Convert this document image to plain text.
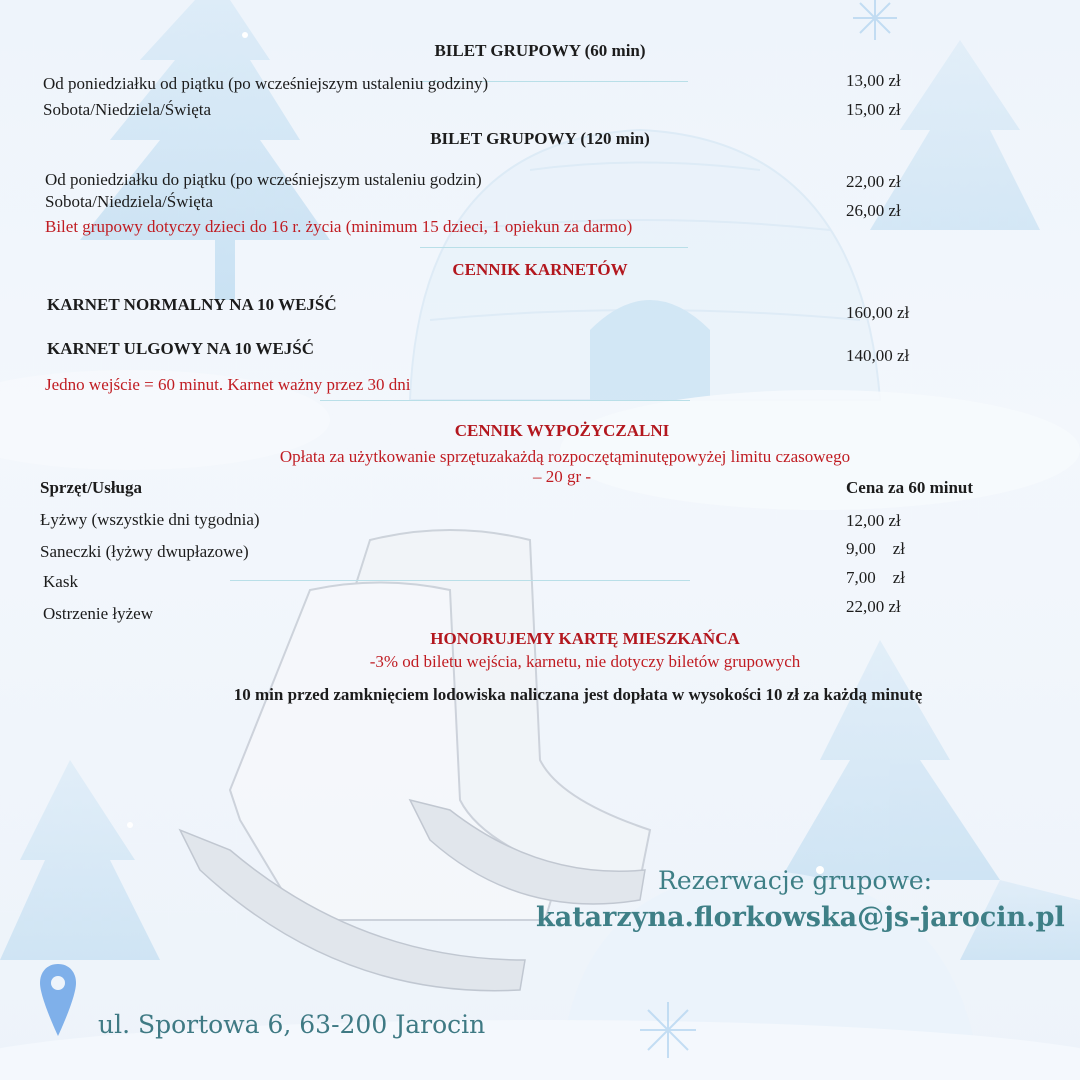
BILET GRUPOWY (60 min)
Od poniedziałku od piątku (po wcześniejszym ustaleniu godziny)	13,00 zł
Sobota/Niedziela/Święta	15,00 zł
BILET GRUPOWY (120 min)
Od poniedziałku do piątku (po wcześniejszym ustaleniu godzin)	22,00 zł
Sobota/Niedziela/Święta	26,00 zł
Bilet grupowy dotyczy dzieci do 16 r. życia (minimum 15 dzieci, 1 opiekun za darmo)
CENNIK KARNETÓW
KARNET NORMALNY NA 10 WEJŚĆ	160,00 zł
KARNET ULGOWY NA 10 WEJŚĆ	140,00 zł
Jedno wejście = 60 minut. Karnet ważny przez 30 dni
CENNIK WYPOŻYCZALNI
Opłata za użytkowanie sprzętuzakażdą rozpoczętąminutępowyżej limitu czasowego
– 20 gr -
Sprzęt/Usługa	Cena za 60 minut
Łyżwy (wszystkie dni tygodnia)	12,00 zł
Saneczki (łyżwy dwupłazowe)	9,00    zł
Kask	7,00    zł
Ostrzenie łyżew	22,00 zł
HONORUJEMY KARTĘ MIESZKAŃCA
-3% od biletu wejścia, karnetu, nie dotyczy biletów grupowych
10 min przed zamknięciem lodowiska naliczana jest dopłata w wysokości 10 zł za każdą minutę
Rezerwacje grupowe:
katarzyna.florkowska@js-jarocin.pl
ul. Sportowa 6, 63-200 Jarocin
